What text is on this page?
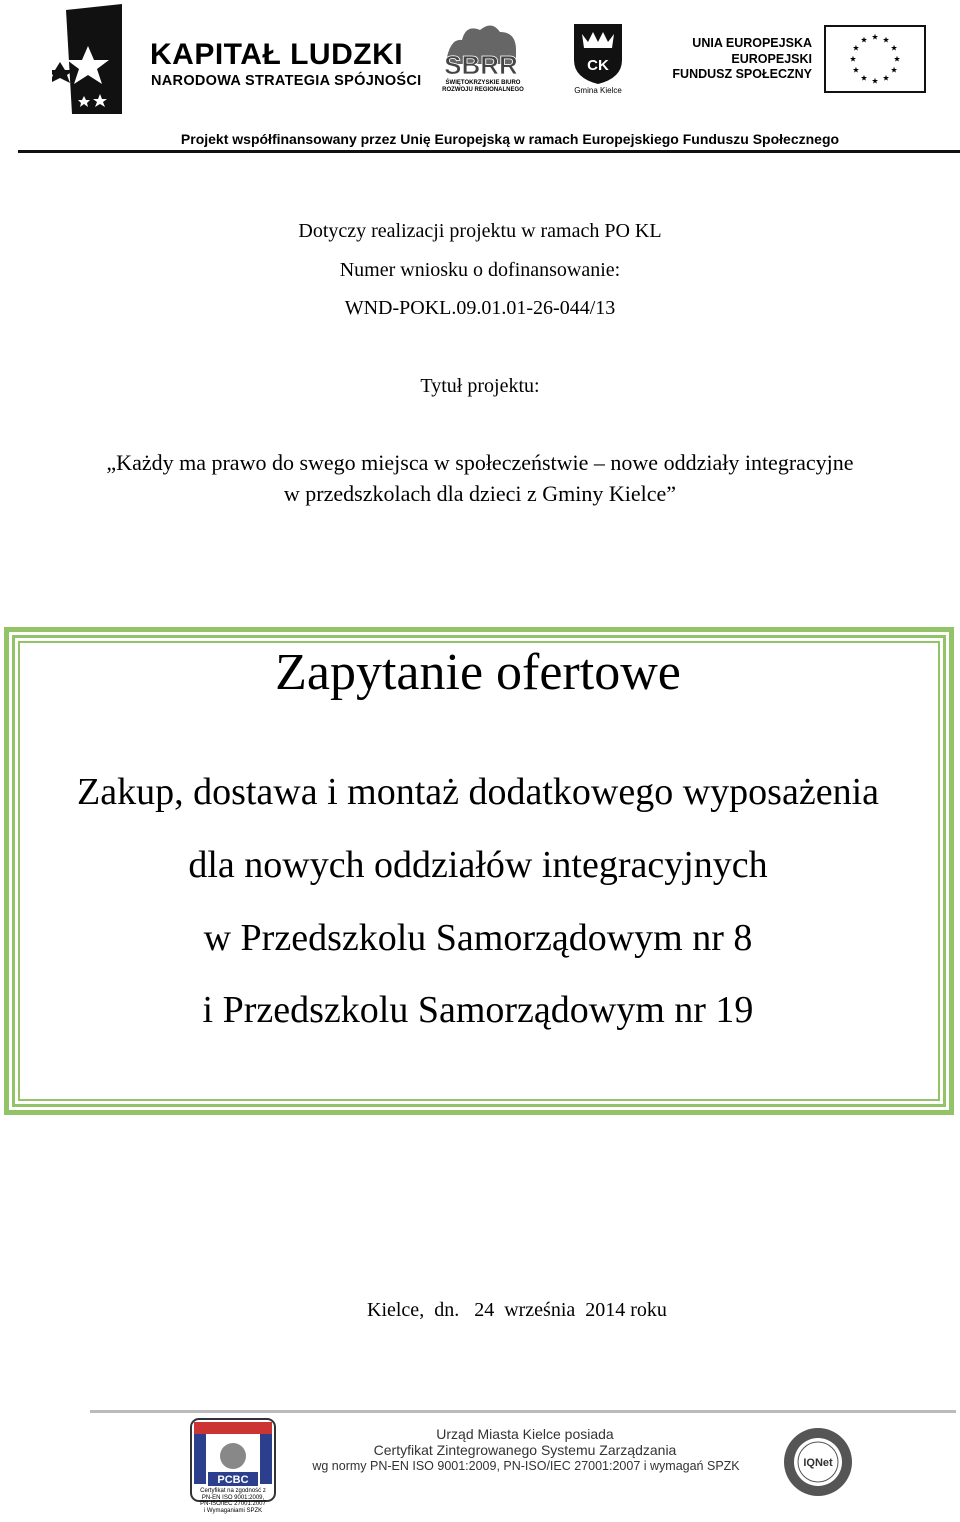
KAPITAŁ LUDZKI
NARODOWA STRATEGIA SPÓJNOŚCI
SBRR
ŚWIĘTOKRZYSKIE BIURO
ROZWOJU REGIONALNEGO
CK
Gmina Kielce
UNIA EUROPEJSKA
EUROPEJSKI
FUNDUSZ SPOŁECZNY
Projekt współfinansowany przez Unię Europejską w ramach Europejskiego Funduszu Społecznego
Dotyczy realizacji projektu w ramach PO KL
Numer wniosku o dofinansowanie:
WND-POKL.09.01.01-26-044/13
Tytuł projektu:
„Każdy ma prawo do swego miejsca w społeczeństwie – nowe oddziały integracyjne
w przedszkolach dla dzieci z Gminy Kielce”
Zapytanie ofertowe
Zakup, dostawa i montaż dodatkowego wyposażenia
dla nowych oddziałów integracyjnych
w Przedszkolu Samorządowym nr 8
i Przedszkolu Samorządowym nr 19
Kielce,  dn.   24  września  2014 roku
PCBC
Certyfikat na zgodność z
PN-EN ISO 9001:2009,
PN-ISO/IEC 27001:2007
i Wymaganiami SPZK
Urząd Miasta Kielce posiada
Certyfikat Zintegrowanego Systemu Zarządzania
wg normy PN-EN ISO 9001:2009, PN-ISO/IEC 27001:2007 i wymagań SPZK	IQNet
